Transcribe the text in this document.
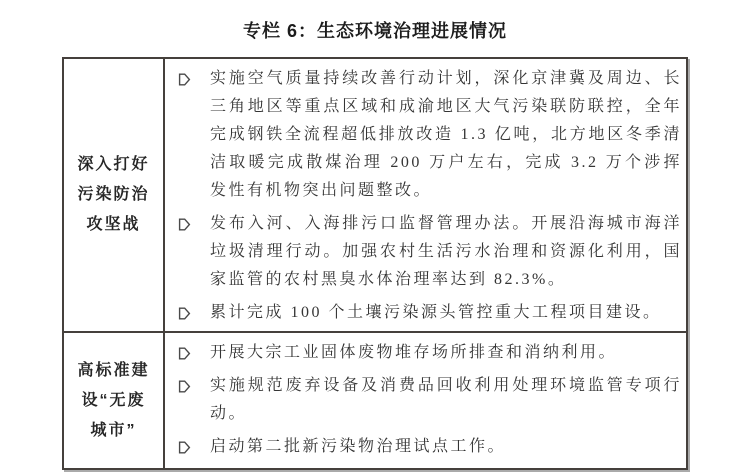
专栏 6：生态环境治理进展情况
深入打好污染防治攻坚战
实施空气质量持续改善行动计划，深化京津冀及周边、长三角地区等重点区域和成渝地区大气污染联防联控，全年完成钢铁全流程超低排放改造 1.3 亿吨，北方地区冬季清洁取暖完成散煤治理 200 万户左右，完成 3.2 万个涉挥发性有机物突出问题整改。
发布入河、入海排污口监督管理办法。开展沿海城市海洋垃圾清理行动。加强农村生活污水治理和资源化利用，国家监管的农村黑臭水体治理率达到 82.3%。
累计完成 100 个土壤污染源头管控重大工程项目建设。
高标准建设“无废城市”
开展大宗工业固体废物堆存场所排查和消纳利用。
实施规范废弃设备及消费品回收利用处理环境监管专项行动。
启动第二批新污染物治理试点工作。
